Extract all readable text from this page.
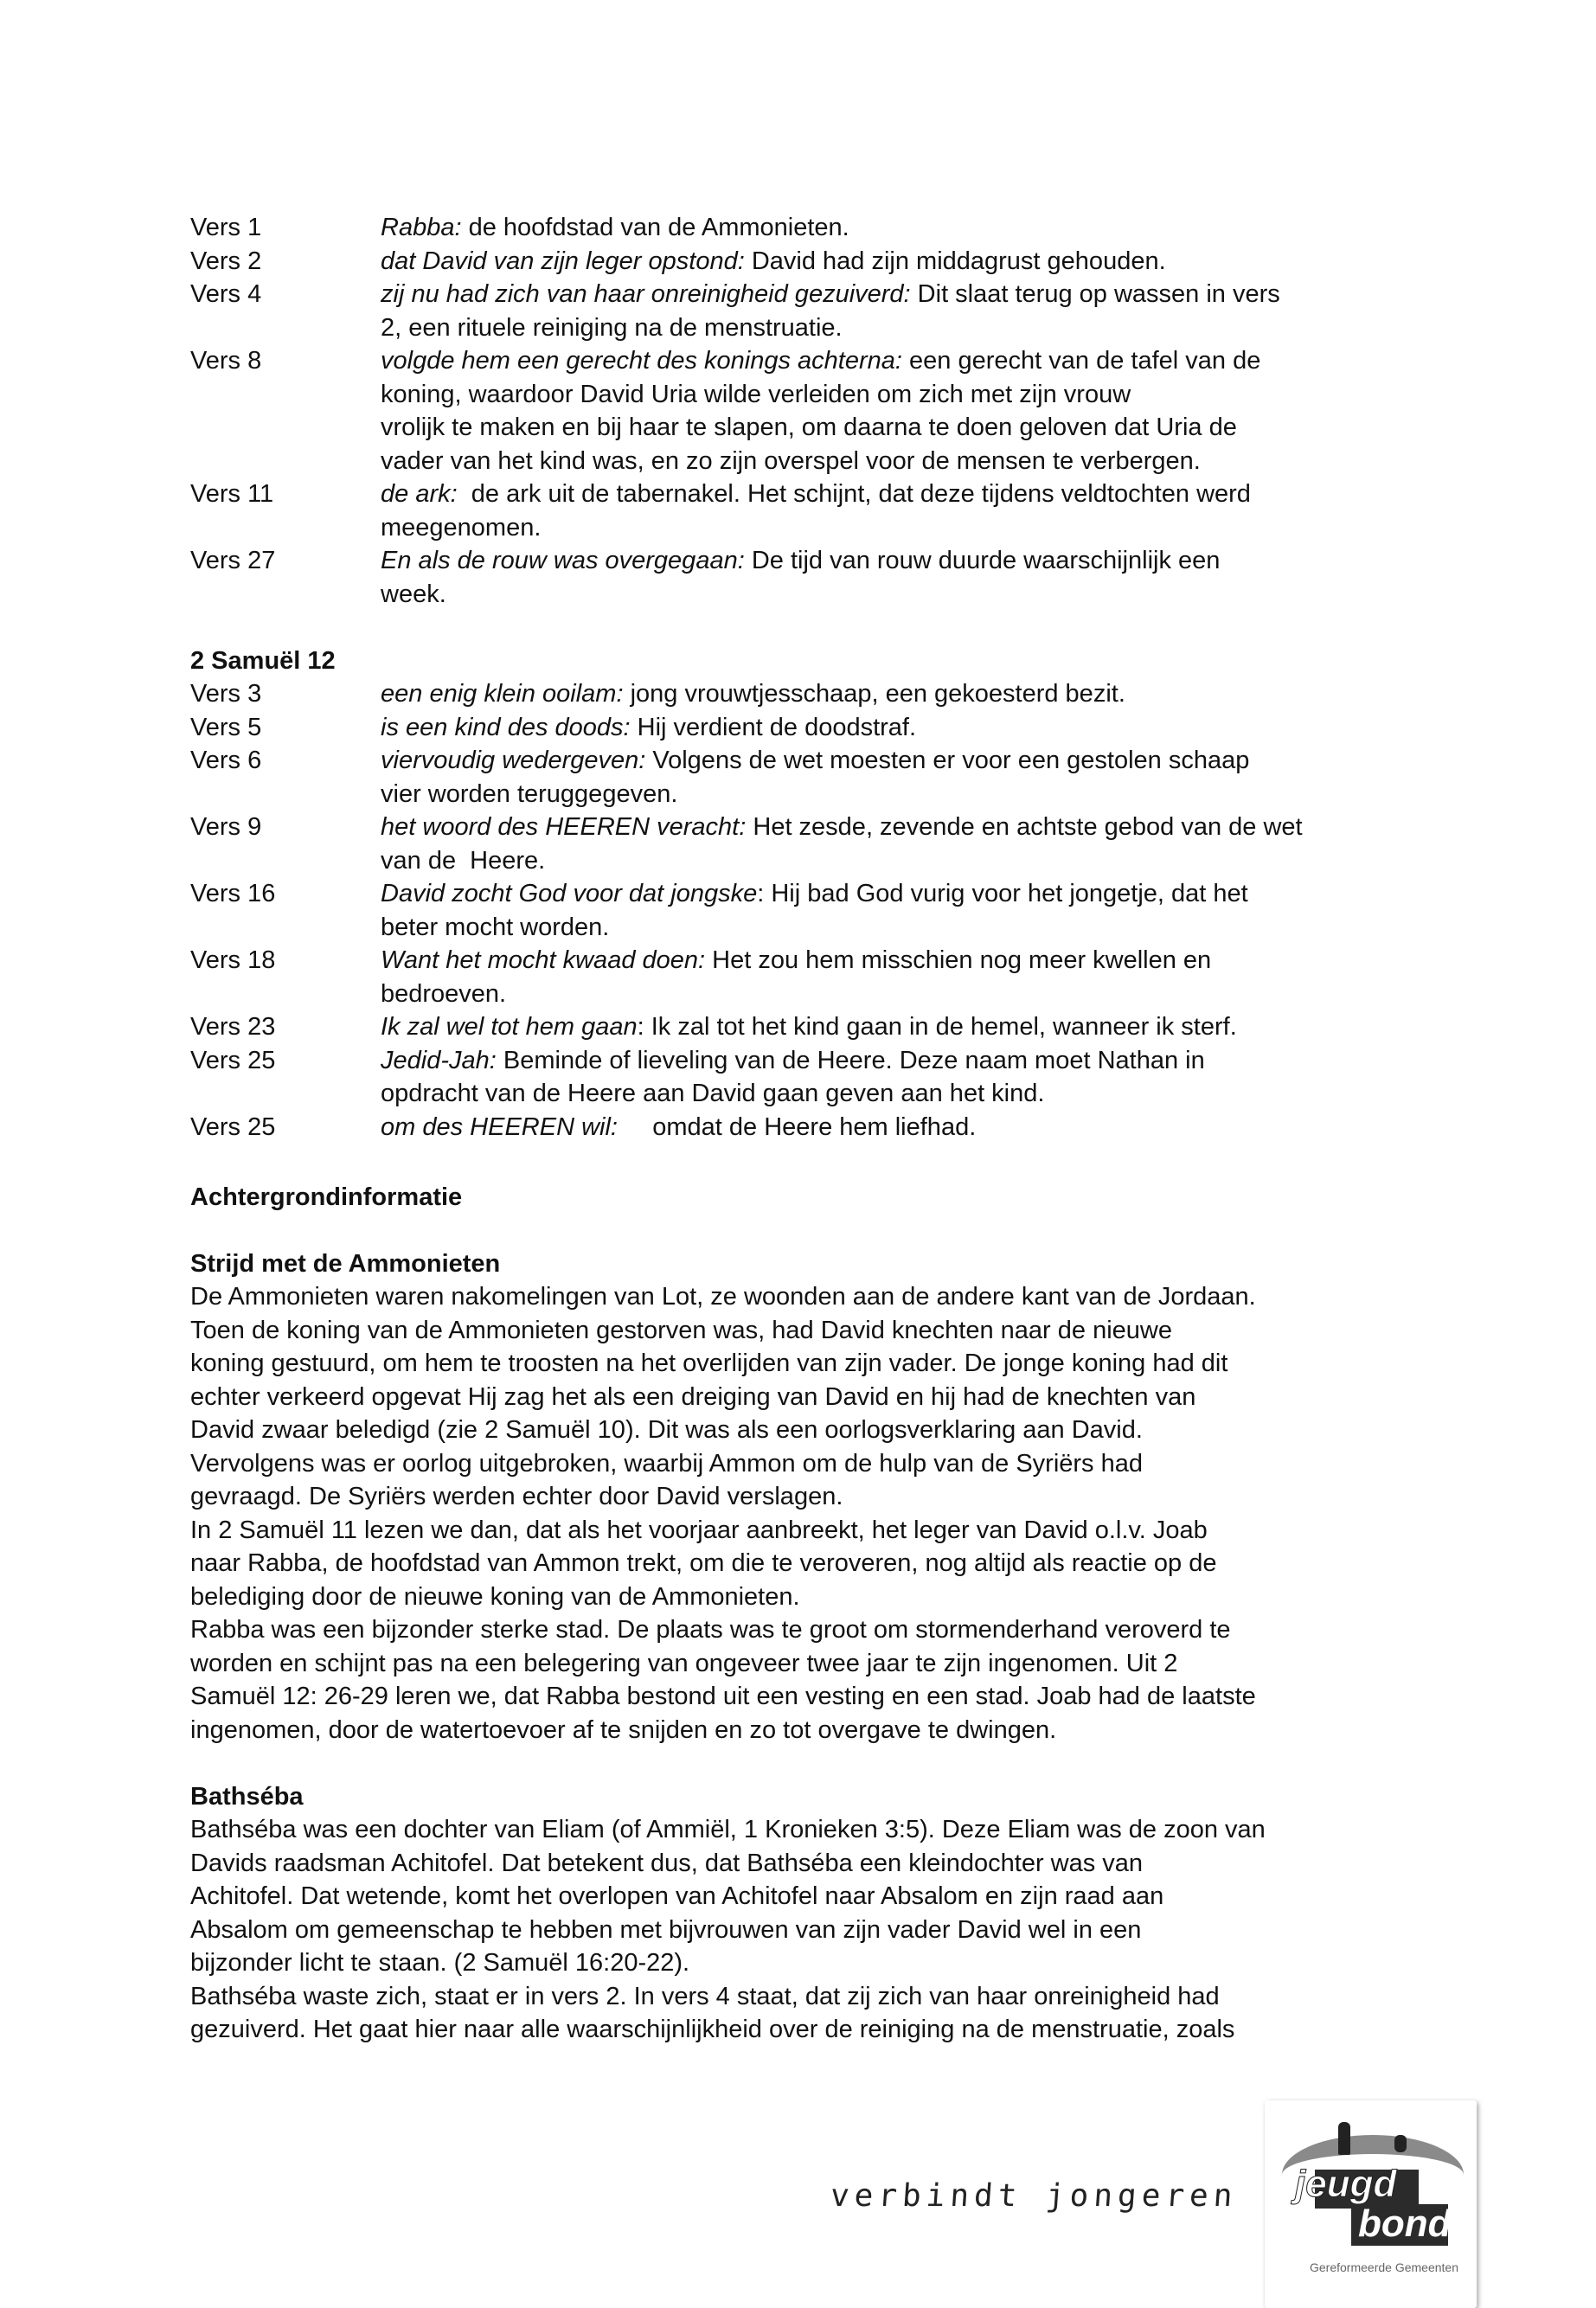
Vers 1	Rabba: de hoofdstad van de Ammonieten.
Vers 2	dat David van zijn leger opstond: David had zijn middagrust gehouden.
Vers 4	zij nu had zich van haar onreinigheid gezuiverd: Dit slaat terug op wassen in vers
2, een rituele reiniging na de menstruatie.
Vers 8	volgde hem een gerecht des konings achterna: een gerecht van de tafel van de
koning, waardoor David Uria wilde verleiden om zich met zijn vrouw
vrolijk te maken en bij haar te slapen, om daarna te doen geloven dat Uria de
vader van het kind was, en zo zijn overspel voor de mensen te verbergen.
Vers 11	de ark:  de ark uit de tabernakel. Het schijnt, dat deze tijdens veldtochten werd
meegenomen.
Vers 27	En als de rouw was overgegaan: De tijd van rouw duurde waarschijnlijk een
week.
2 Samuël 12
Vers 3	een enig klein ooilam: jong vrouwtjesschaap, een gekoesterd bezit.
Vers 5	is een kind des doods: Hij verdient de doodstraf.
Vers 6	viervoudig wedergeven: Volgens de wet moesten er voor een gestolen schaap
vier worden teruggegeven.
Vers 9	het woord des HEEREN veracht: Het zesde, zevende en achtste gebod van de wet
van de  Heere.
Vers 16	David zocht God voor dat jongske: Hij bad God vurig voor het jongetje, dat het
beter mocht worden.
Vers 18	Want het mocht kwaad doen: Het zou hem misschien nog meer kwellen en
bedroeven.
Vers 23	Ik zal wel tot hem gaan: Ik zal tot het kind gaan in de hemel, wanneer ik sterf.
Vers 25	Jedid-Jah: Beminde of lieveling van de Heere. Deze naam moet Nathan in
opdracht van de Heere aan David gaan geven aan het kind.
Vers 25	om des HEEREN wil:     omdat de Heere hem liefhad.
Achtergrondinformatie
Strijd met de Ammonieten
De Ammonieten waren nakomelingen van Lot, ze woonden aan de andere kant van de Jordaan.
Toen de koning van de Ammonieten gestorven was, had David knechten naar de nieuwe
koning gestuurd, om hem te troosten na het overlijden van zijn vader. De jonge koning had dit
echter verkeerd opgevat Hij zag het als een dreiging van David en hij had de knechten van
David zwaar beledigd (zie 2 Samuël 10). Dit was als een oorlogsverklaring aan David.
Vervolgens was er oorlog uitgebroken, waarbij Ammon om de hulp van de Syriërs had
gevraagd. De Syriërs werden echter door David verslagen.
In 2 Samuël 11 lezen we dan, dat als het voorjaar aanbreekt, het leger van David o.l.v. Joab
naar Rabba, de hoofdstad van Ammon trekt, om die te veroveren, nog altijd als reactie op de
belediging door de nieuwe koning van de Ammonieten.
Rabba was een bijzonder sterke stad. De plaats was te groot om stormenderhand veroverd te
worden en schijnt pas na een belegering van ongeveer twee jaar te zijn ingenomen. Uit 2
Samuël 12: 26-29 leren we, dat Rabba bestond uit een vesting en een stad. Joab had de laatste
ingenomen, door de watertoevoer af te snijden en zo tot overgave te dwingen.
Bathséba
Bathséba was een dochter van Eliam (of Ammiël, 1 Kronieken 3:5). Deze Eliam was de zoon van
Davids raadsman Achitofel. Dat betekent dus, dat Bathséba een kleindochter was van
Achitofel. Dat wetende, komt het overlopen van Achitofel naar Absalom en zijn raad aan
Absalom om gemeenschap te hebben met bijvrouwen van zijn vader David wel in een
bijzonder licht te staan. (2 Samuël 16:20-22).
Bathséba waste zich, staat er in vers 2. In vers 4 staat, dat zij zich van haar onreinigheid had
gezuiverd. Het gaat hier naar alle waarschijnlijkheid over de reiniging na de menstruatie, zoals
verbindt jongeren jeugd
bond
Gereformeerde Gemeenten
